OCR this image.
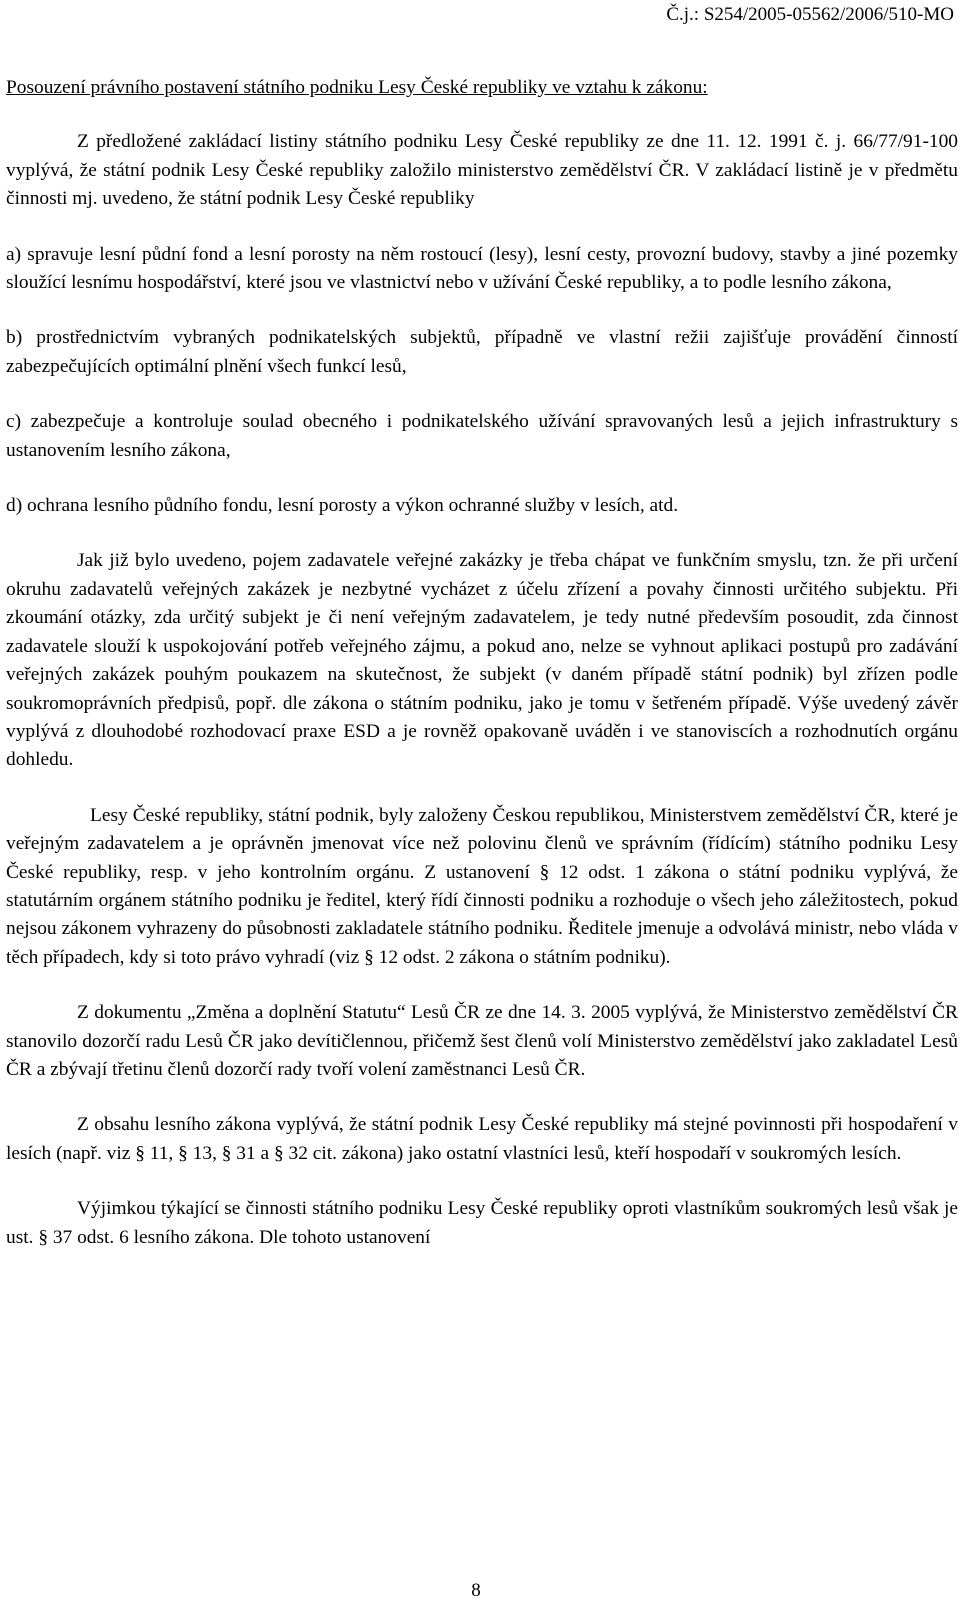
Č.j.: S254/2005-05562/2006/510-MO

Posouzení právního postavení státního podniku Lesy České republiky ve vztahu k zákonu:

Z předložené zakládací listiny státního podniku Lesy České republiky ze dne 11. 12. 1991 č. j. 66/77/91-100 vyplývá, že státní podnik Lesy České republiky založilo ministerstvo zemědělství ČR. V zakládací listině je v předmětu činnosti mj. uvedeno, že státní podnik Lesy České republiky

a) spravuje lesní půdní fond a lesní porosty na něm rostoucí (lesy), lesní cesty, provozní budovy, stavby a jiné pozemky sloužící lesnímu hospodářství, které jsou ve vlastnictví nebo v užívání České republiky, a to podle lesního zákona,

b) prostřednictvím vybraných podnikatelských subjektů, případně ve vlastní režii zajišťuje provádění činností zabezpečujících optimální plnění všech funkcí lesů,

c) zabezpečuje a kontroluje soulad obecného i podnikatelského užívání spravovaných lesů a jejich infrastruktury s ustanovením lesního zákona,

d) ochrana lesního půdního fondu, lesní porosty a výkon ochranné služby v lesích, atd.

Jak již bylo uvedeno, pojem zadavatele veřejné zakázky je třeba chápat ve funkčním smyslu, tzn. že při určení okruhu zadavatelů veřejných zakázek je nezbytné vycházet z účelu zřízení a povahy činnosti určitého subjektu. Při zkoumání otázky, zda určitý subjekt je či není veřejným zadavatelem, je tedy nutné především posoudit, zda činnost zadavatele slouží k uspokojování potřeb veřejného zájmu, a pokud ano, nelze se vyhnout aplikaci postupů pro zadávání veřejných zakázek pouhým poukazem na skutečnost, že subjekt (v daném případě státní podnik) byl zřízen podle soukromoprávních předpisů, popř. dle zákona o státním podniku, jako je tomu v šetřeném případě. Výše uvedený závěr vyplývá z dlouhodobé rozhodovací praxe ESD a je rovněž opakovaně uváděn i ve stanoviscích a rozhodnutích orgánu dohledu.

Lesy České republiky, státní podnik, byly založeny Českou republikou, Ministerstvem zemědělství ČR, které je veřejným zadavatelem a je oprávněn jmenovat více než polovinu členů ve správním (řídícím) státního podniku Lesy České republiky, resp. v jeho kontrolním orgánu. Z ustanovení § 12 odst. 1 zákona o státní podniku vyplývá, že statutárním orgánem státního podniku je ředitel, který řídí činnosti podniku a rozhoduje o všech jeho záležitostech, pokud nejsou zákonem vyhrazeny do působnosti zakladatele státního podniku. Ředitele jmenuje a odvolává ministr, nebo vláda v těch případech, kdy si toto právo vyhradí (viz § 12 odst. 2 zákona o státním podniku).

Z dokumentu „Změna a doplnění Statutu“ Lesů ČR ze dne 14. 3. 2005 vyplývá, že Ministerstvo zemědělství ČR stanovilo dozorčí radu Lesů ČR jako devítičlennou, přičemž šest členů volí Ministerstvo zemědělství jako zakladatel Lesů ČR a zbývají třetinu členů dozorčí rady tvoří volení zaměstnanci Lesů ČR.

Z obsahu lesního zákona vyplývá, že státní podnik Lesy České republiky má stejné povinnosti při hospodaření v lesích (např. viz § 11, § 13, § 31 a § 32 cit. zákona) jako ostatní vlastníci lesů, kteří hospodaří v soukromých lesích.

Výjimkou týkající se činnosti státního podniku Lesy České republiky oproti vlastníkům soukromých lesů však je ust. § 37 odst. 6 lesního zákona. Dle tohoto ustanovení

8
